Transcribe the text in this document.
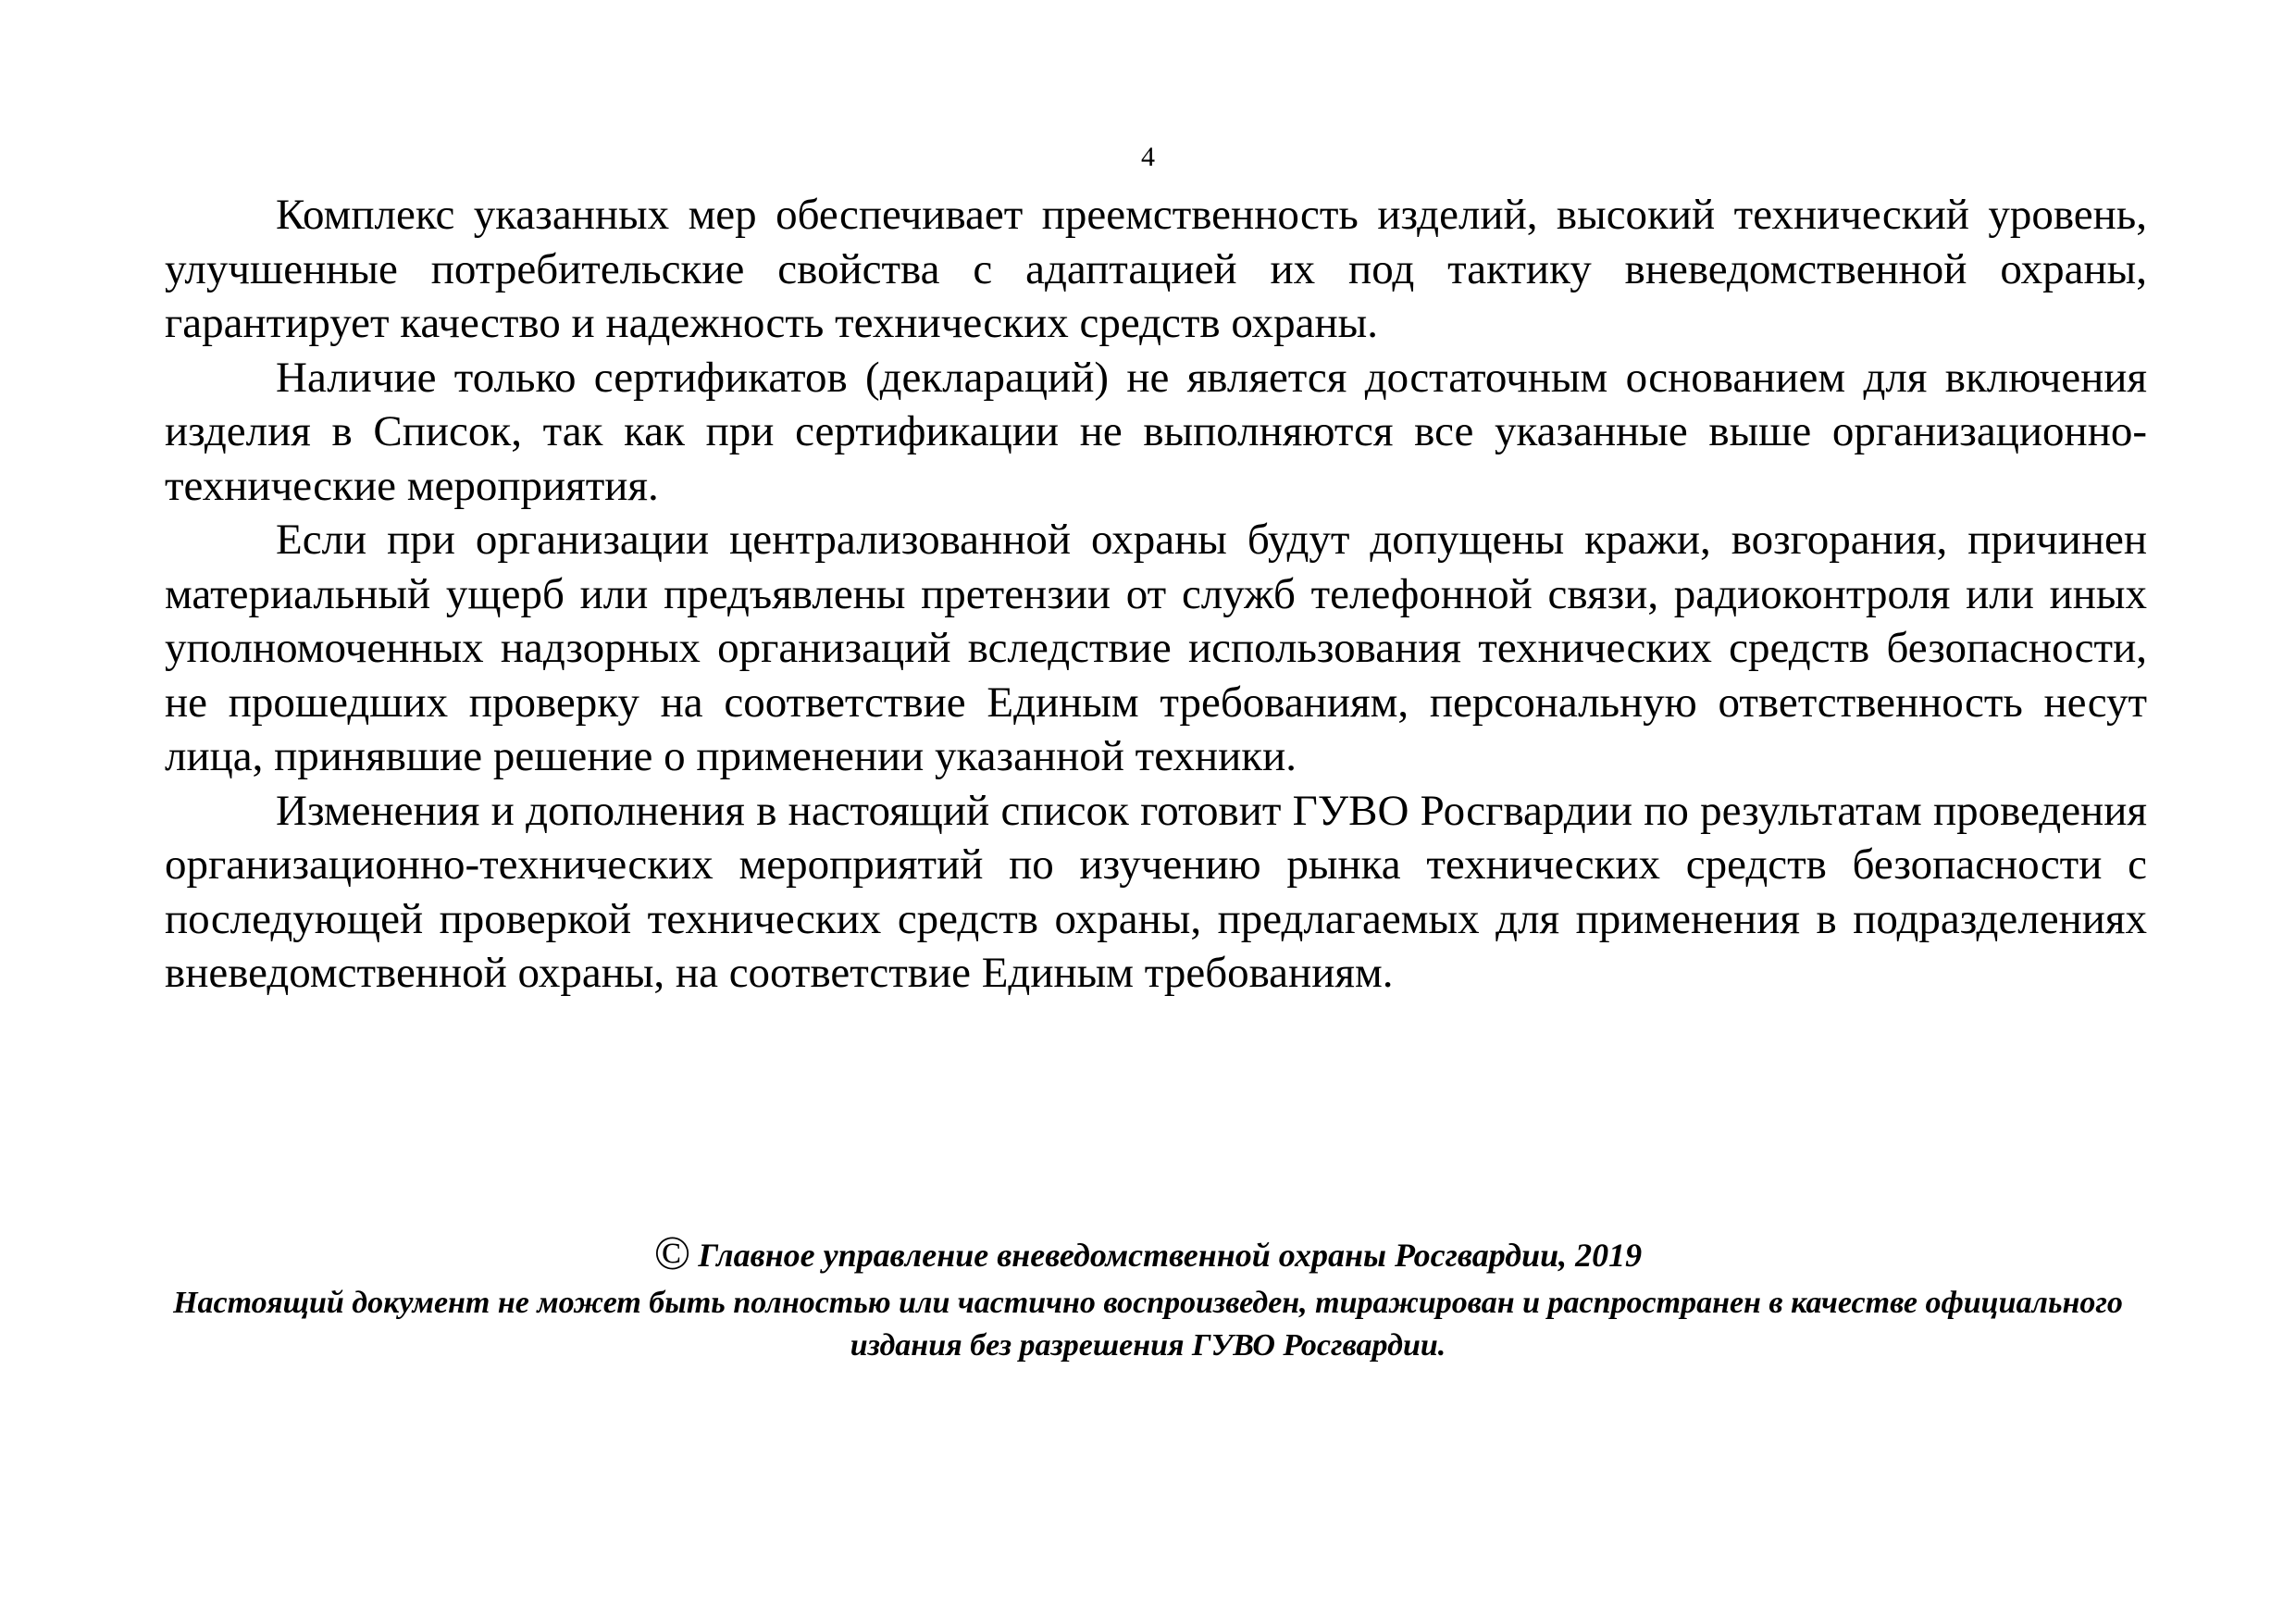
4

Комплекс указанных мер обеспечивает преемственность изделий, высокий технический уровень, улучшенные потребительские свойства с адаптацией их под тактику вневедомственной охраны, гарантирует качество и надежность технических средств охраны.

Наличие только сертификатов (деклараций) не является достаточным основанием для включения изделия в Список, так как при сертификации не выполняются все указанные выше организационно-технические мероприятия.

Если при организации централизованной охраны будут допущены кражи, возгорания, причинен материальный ущерб или предъявлены претензии от служб телефонной связи, радиоконтроля или иных уполномоченных надзорных организаций вследствие использования технических средств безопасности, не прошедших проверку на соответствие Единым требованиям, персональную ответственность несут лица, принявшие решение о применении указанной техники.

Изменения и дополнения в настоящий список готовит ГУВО Росгвардии по результатам проведения организационно-технических мероприятий по изучению рынка технических средств безопасности с последующей проверкой технических средств охраны, предлагаемых для применения в подразделениях вневедомственной охраны, на соответствие Единым требованиям.

© Главное управление вневедомственной охраны Росгвардии, 2019
Настоящий документ не может быть полностью или частично воспроизведен, тиражирован и распространен в качестве официального издания без разрешения ГУВО Росгвардии.
